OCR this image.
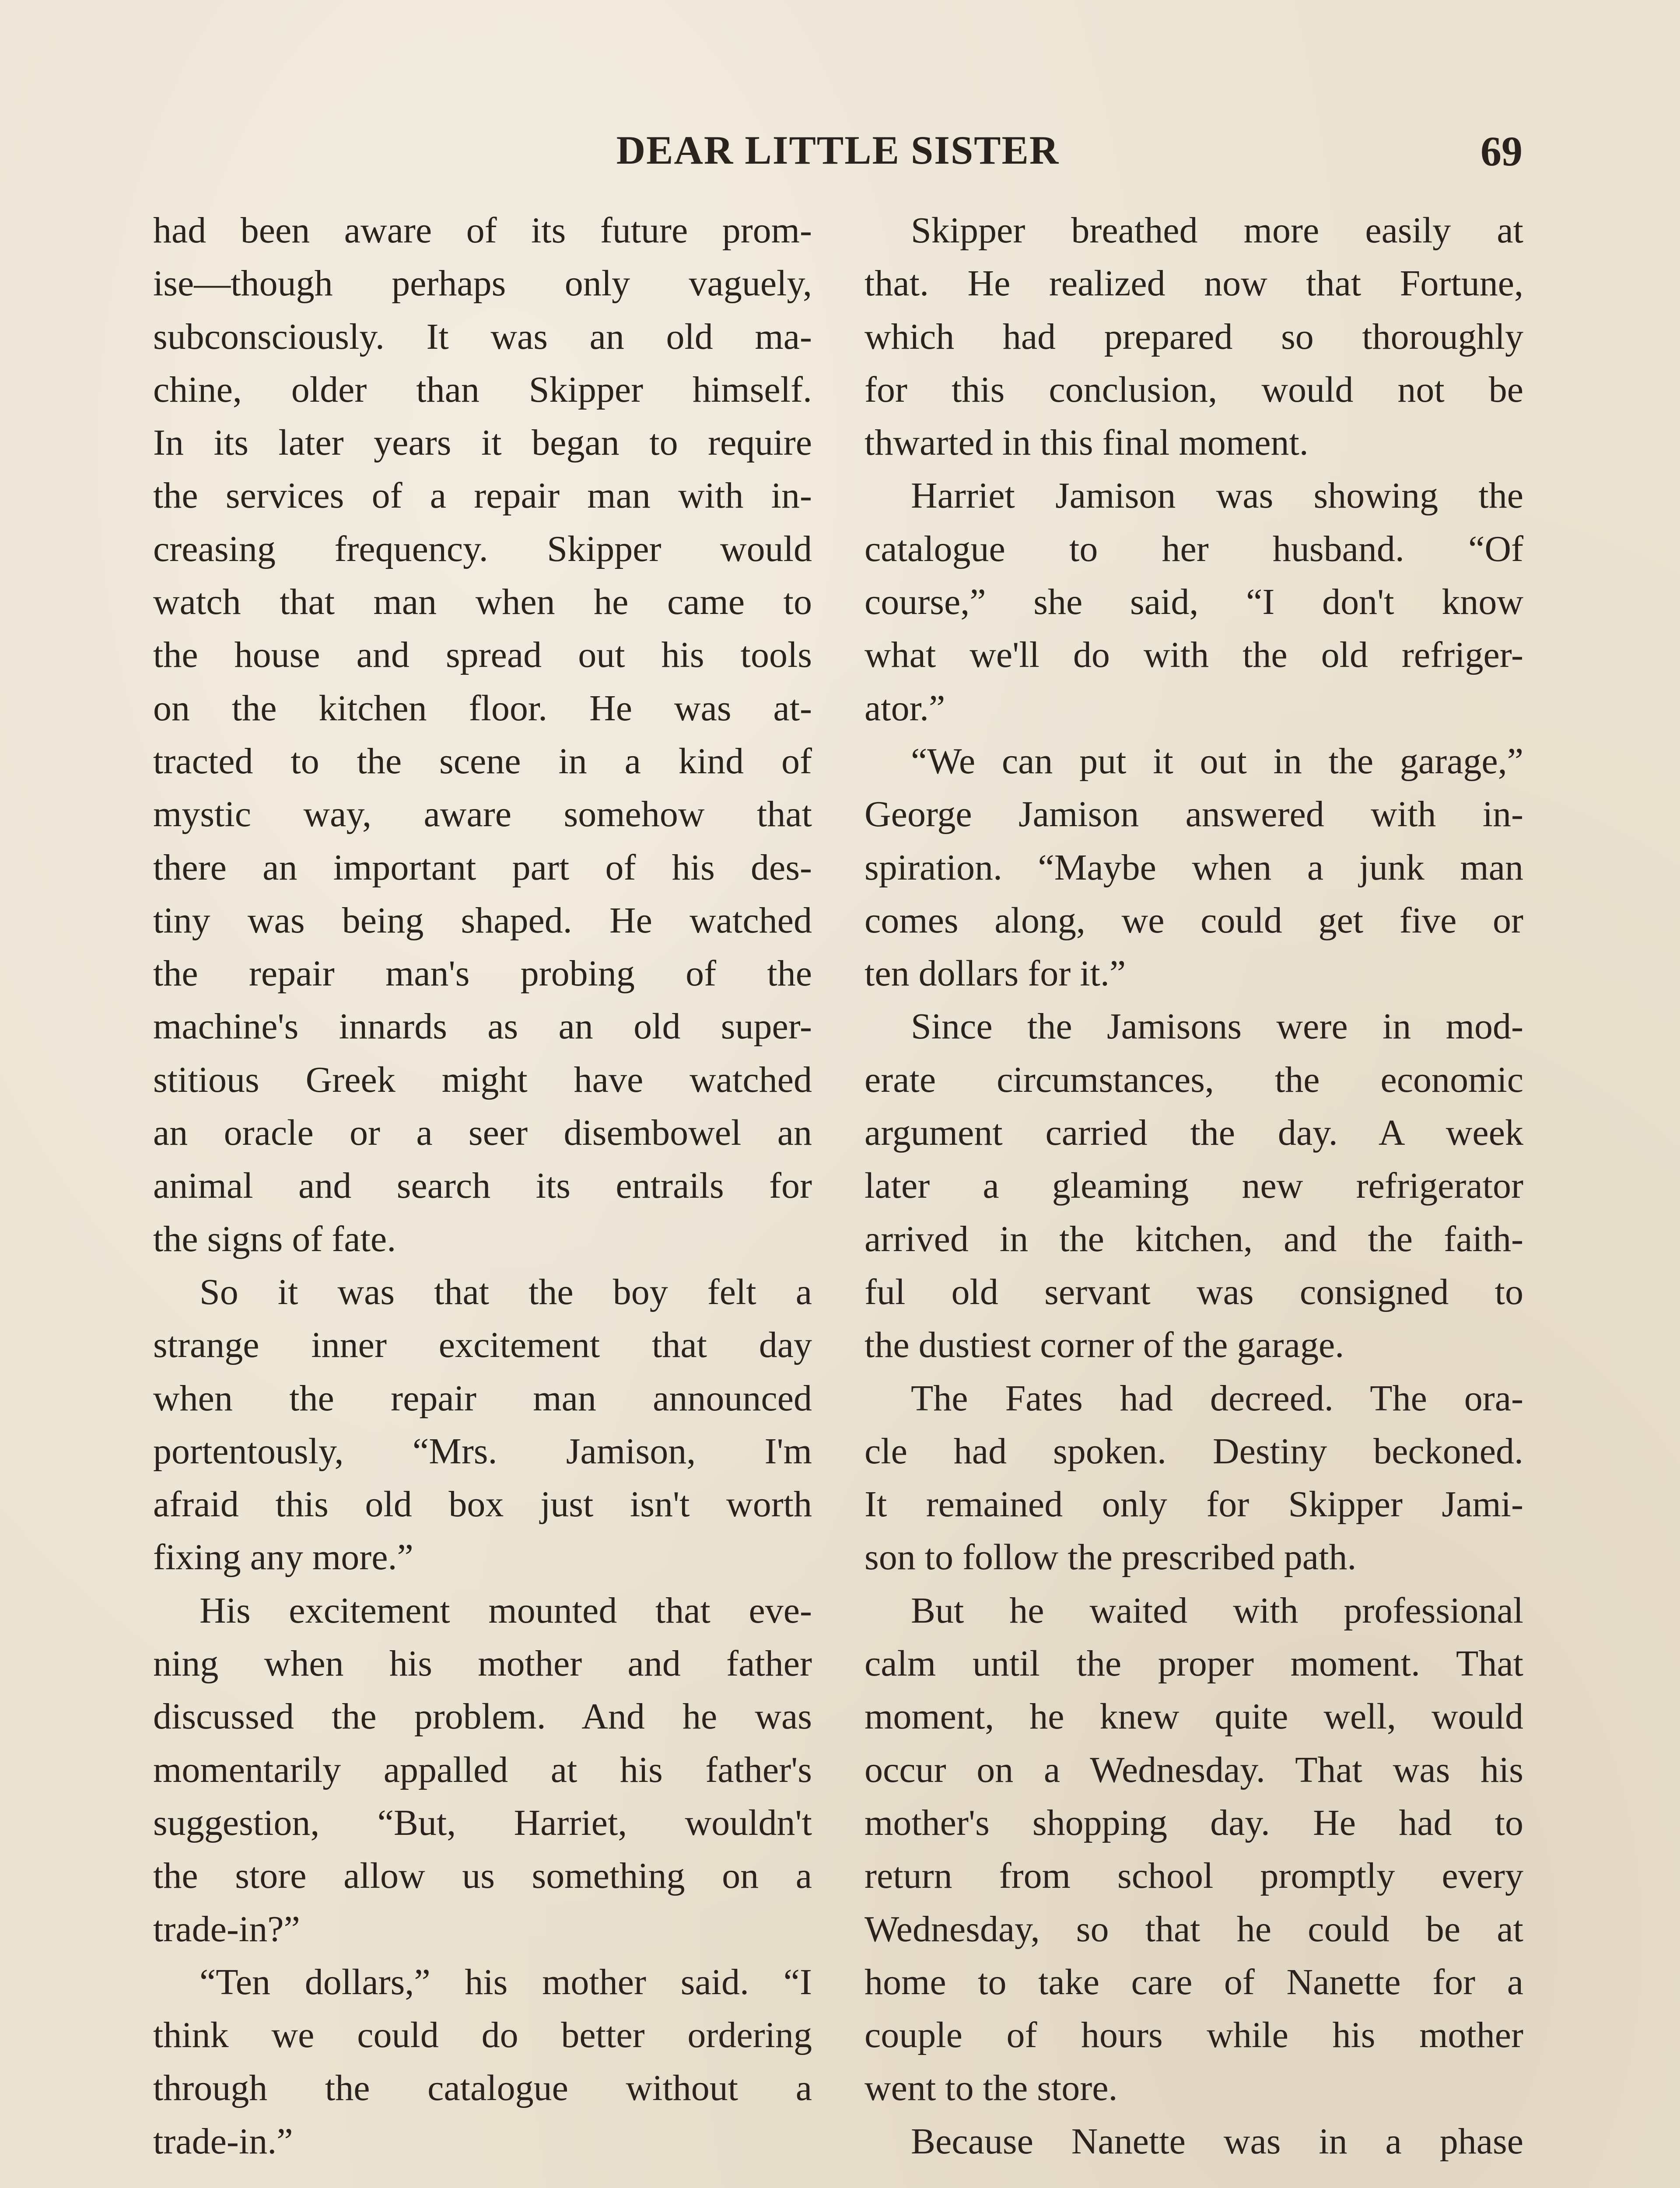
DEAR LITTLE SISTER	69
had been aware of its future prom-
ise—though perhaps only vaguely,
subconsciously. It was an old ma-
chine, older than Skipper himself.
In its later years it began to require
the services of a repair man with in-
creasing frequency. Skipper would
watch that man when he came to
the house and spread out his tools
on the kitchen floor. He was at-
tracted to the scene in a kind of
mystic way, aware somehow that
there an important part of his des-
tiny was being shaped. He watched
the repair man's probing of the
machine's innards as an old super-
stitious Greek might have watched
an oracle or a seer disembowel an
animal and search its entrails for
the signs of fate.
So it was that the boy felt a
strange inner excitement that day
when the repair man announced
portentously, “Mrs. Jamison, I'm
afraid this old box just isn't worth
fixing any more.”
His excitement mounted that eve-
ning when his mother and father
discussed the problem. And he was
momentarily appalled at his father's
suggestion, “But, Harriet, wouldn't
the store allow us something on a
trade-in?”
“Ten dollars,” his mother said. “I
think we could do better ordering
through the catalogue without a
trade-in.”
Skipper breathed more easily at
that. He realized now that Fortune,
which had prepared so thoroughly
for this conclusion, would not be
thwarted in this final moment.
Harriet Jamison was showing the
catalogue to her husband. “Of
course,” she said, “I don't know
what we'll do with the old refriger-
ator.”
“We can put it out in the garage,”
George Jamison answered with in-
spiration. “Maybe when a junk man
comes along, we could get five or
ten dollars for it.”
Since the Jamisons were in mod-
erate circumstances, the economic
argument carried the day. A week
later a gleaming new refrigerator
arrived in the kitchen, and the faith-
ful old servant was consigned to
the dustiest corner of the garage.
The Fates had decreed. The ora-
cle had spoken. Destiny beckoned.
It remained only for Skipper Jami-
son to follow the prescribed path.
But he waited with professional
calm until the proper moment. That
moment, he knew quite well, would
occur on a Wednesday. That was his
mother's shopping day. He had to
return from school promptly every
Wednesday, so that he could be at
home to take care of Nanette for a
couple of hours while his mother
went to the store.
Because Nanette was in a phase
